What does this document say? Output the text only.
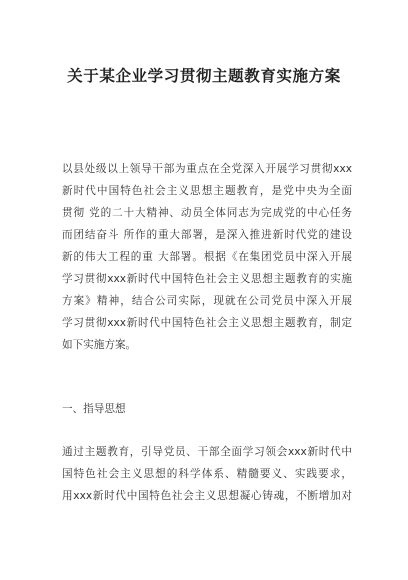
关于某企业学习贯彻主题教育实施方案
以县处级以上领导干部为重点在全党深入开展学习贯彻xxx
新时代中国特色社会主义思想主题教育，是党中央为全面
贯彻 党的二十大精神、动员全体同志为完成党的中心任务
而团结奋斗 所作的重大部署，是深入推进新时代党的建设
新的伟大工程的重 大部署。根据《在集团党员中深入开展
学习贯彻xxx新时代中国特色社会主义思想主题教育的实施
方案》精神，结合公司实际，现就在公司党员中深入开展
学习贯彻xxx新时代中国特色社会主义思想主题教育，制定
如下实施方案。
一、指导思想
通过主题教育，引导党员、干部全面学习领会xxx新时代中
国特色社会主义思想的科学体系、精髓要义、实践要求，
用xxx新时代中国特色社会主义思想凝心铸魂，不断增加对
